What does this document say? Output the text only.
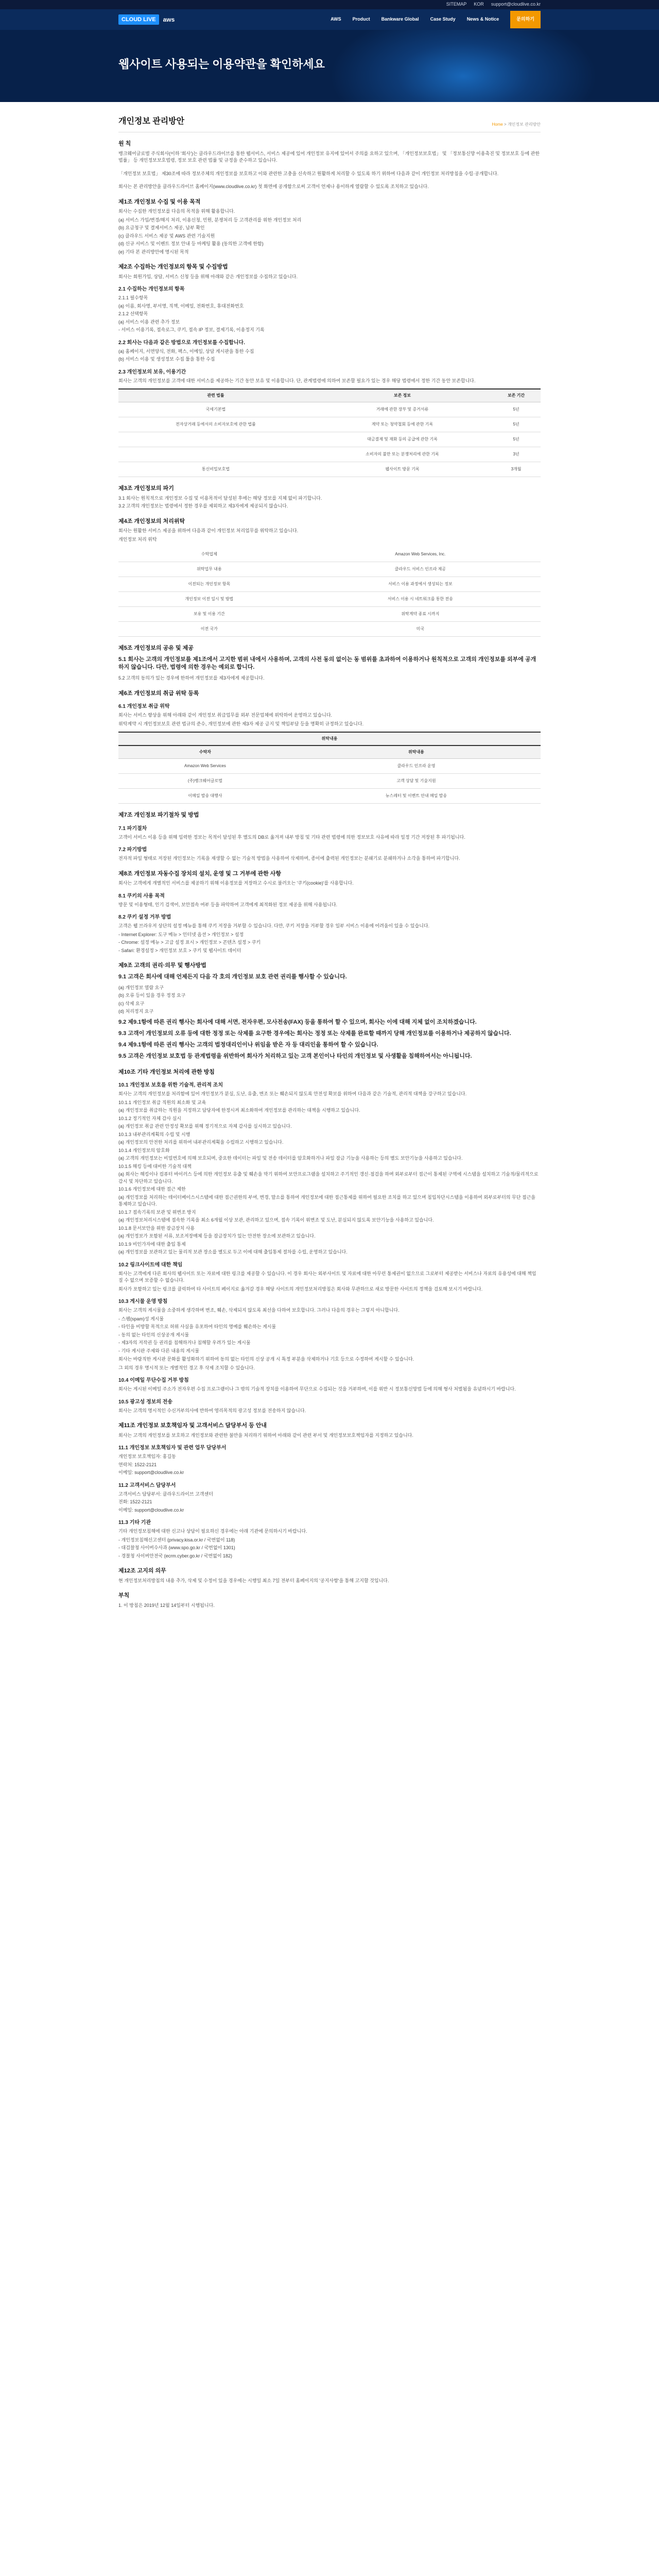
SITEMAP KOR support@cloudlive.co.kr
CLOUD LIVE	aws	AWS Product Bankware Global Case Study News & Notice	문의하기
웹사이트 사용되는 이용약관을 확인하세요
개인정보 관리방안	Home > 개인정보 관리방안
원 칙

뱅크웨어글로벌 주식회사(이하 '회사')는 클라우드라이브를 통한 웹서비스, 서비스 제공에 있어 개인정보 유지에 있어서 주의를 요하고 있으며, 「개인정보보호법」 및 「정보통신망 이용촉진 및 정보보호 등에 관한 법률」 등 개인정보보호법령, 정보 보호 관련 법률 및 규정을 준수하고 있습니다.

「개인정보 보호법」 제30조에 따라 정보주체의 개인정보를 보호하고 이와 관련한 고충을 신속하고 원활하게 처리할 수 있도록 하기 위하여 다음과 같이 개인정보 처리방침을 수립·공개합니다.

회사는 본 관리방안을 클라우드라이브 홈페이지(www.cloudlive.co.kr) 첫 화면에 공개함으로써 고객이 언제나 용이하게 열람할 수 있도록 조치하고 있습니다.

제1조 개인정보 수집 및 이용 목적

회사는 수집한 개인정보를 다음의 목적을 위해 활용합니다.

(a) 서비스 가입/변경/해지 처리, 이용신청, 민원, 분쟁처리 등 고객관리를 위한 개인정보 처리
(b) 요금청구 및 결제서비스 제공, 납부 확인
(c) 클라우드 서비스 제공 및 AWS 관련 기술지원
(d) 신규 서비스 및 이벤트 정보 안내 등 마케팅 활용 (동의한 고객에 한함)
(e) 기타 본 관리방안에 명시된 목적
제2조 수집하는 개인정보의 항목 및 수집방법

회사는 회원가입, 상담, 서비스 신청 등을 위해 아래와 같은 개인정보를 수집하고 있습니다.

2.1 수집하는 개인정보의 항목
2.1.1 필수항목
(a) 이름, 회사명, 부서명, 직책, 이메일, 전화번호, 휴대전화번호
2.1.2 선택항목
(a) 서비스 이용 관련 추가 정보
- 서비스 이용기록, 접속로그, 쿠키, 접속 IP 정보, 결제기록, 이용정지 기록
2.2 회사는 다음과 같은 방법으로 개인정보를 수집합니다.
(a) 홈페이지, 서면양식, 전화, 팩스, 이메일, 상담 게시판을 통한 수집
(b) 서비스 이용 및 생성정보 수집 툴을 통한 수집
2.3 개인정보의 보유, 이용기간

회사는 고객의 개인정보를 고객에 대한 서비스를 제공하는 기간 동안 보유 및 이용합니다. 단, 관계법령에 의하여 보존할 필요가 있는 경우 해당 법령에서 정한 기간 동안 보존합니다.

관련 법률	보존 정보	보존 기간
국세기본법	거래에 관한 장부 및 증거서류	5년
전자상거래 등에서의 소비자보호에 관한 법률	계약 또는 청약철회 등에 관한 기록	5년
	대금결제 및 재화 등의 공급에 관한 기록	5년
	소비자의 불만 또는 분쟁처리에 관한 기록	3년
통신비밀보호법	웹사이트 방문 기록	3개월
제3조 개인정보의 파기
3.1 회사는 원칙적으로 개인정보 수집 및 이용목적이 달성된 후에는 해당 정보를 지체 없이 파기합니다.
3.2 고객의 개인정보는 법령에서 정한 경우를 제외하고 제3자에게 제공되지 않습니다.
제4조 개인정보의 처리위탁

회사는 원활한 서비스 제공을 위하여 다음과 같이 개인정보 처리업무를 위탁하고 있습니다.

개인정보 처리 위탁

수탁업체	Amazon Web Services, Inc.
위탁업무 내용	클라우드 서비스 인프라 제공
이전되는 개인정보 항목	서비스 이용 과정에서 생성되는 정보
개인정보 이전 일시 및 방법	서비스 이용 시 네트워크를 통한 전송
보유 및 이용 기간	위탁계약 종료 시까지
이전 국가	미국
제5조 개인정보의 공유 및 제공
5.1 회사는 고객의 개인정보를 제1조에서 고지한 범위 내에서 사용하며, 고객의 사전 동의 없이는 동 범위를 초과하여 이용하거나 원칙적으로 고객의 개인정보를 외부에 공개하지 않습니다. 다만, 법령에 의한 경우는 예외로 합니다.

5.2 고객의 동의가 있는 경우에 한하여 개인정보를 제3자에게 제공합니다.

제6조 개인정보의 취급 위탁 등록
6.1 개인정보 취급 위탁

회사는 서비스 향상을 위해 아래와 같이 개인정보 취급업무를 외부 전문업체에 위탁하여 운영하고 있습니다.

위탁계약 시 개인정보보호 관련 법규의 준수, 개인정보에 관한 제3자 제공 금지 및 책임부담 등을 명확히 규정하고 있습니다.

위탁내용	
수탁자	위탁내용
Amazon Web Services	클라우드 인프라 운영
(주)뱅크웨어글로벌	고객 상담 및 기술지원
이메일 발송 대행사	뉴스레터 및 이벤트 안내 메일 발송
제7조 개인정보 파기절차 및 방법
7.1 파기절차

고객이 서비스 이용 등을 위해 입력한 정보는 목적이 달성된 후 별도의 DB로 옮겨져 내부 방침 및 기타 관련 법령에 의한 정보보호 사유에 따라 일정 기간 저장된 후 파기됩니다.

7.2 파기방법

전자적 파일 형태로 저장된 개인정보는 기록을 재생할 수 없는 기술적 방법을 사용하여 삭제하며, 종이에 출력된 개인정보는 분쇄기로 분쇄하거나 소각을 통하여 파기합니다.

제8조 개인정보 자동수집 장치의 설치, 운영 및 그 거부에 관한 사항

회사는 고객에게 개별적인 서비스를 제공하기 위해 이용정보를 저장하고 수시로 불러오는 '쿠키(cookie)'를 사용합니다.

8.1 쿠키의 사용 목적

방문 및 이용형태, 인기 검색어, 보안접속 여부 등을 파악하여 고객에게 최적화된 정보 제공을 위해 사용됩니다.

8.2 쿠키 설정 거부 방법

고객은 웹 브라우저 상단의 설정 메뉴를 통해 쿠키 저장을 거부할 수 있습니다. 다만, 쿠키 저장을 거부할 경우 일부 서비스 이용에 어려움이 있을 수 있습니다.

- Internet Explorer: 도구 메뉴 > 인터넷 옵션 > 개인정보 > 설정
- Chrome: 설정 메뉴 > 고급 설정 표시 > 개인정보 > 콘텐츠 설정 > 쿠키
- Safari: 환경설정 > 개인정보 보호 > 쿠키 및 웹사이트 데이터
제9조 고객의 권리·의무 및 행사방법
9.1 고객은 회사에 대해 언제든지 다음 각 호의 개인정보 보호 관련 권리를 행사할 수 있습니다.
(a) 개인정보 열람 요구
(b) 오류 등이 있을 경우 정정 요구
(c) 삭제 요구
(d) 처리정지 요구
9.2 제9.1항에 따른 권리 행사는 회사에 대해 서면, 전자우편, 모사전송(FAX) 등을 통하여 할 수 있으며, 회사는 이에 대해 지체 없이 조치하겠습니다.
9.3 고객이 개인정보의 오류 등에 대한 정정 또는 삭제를 요구한 경우에는 회사는 정정 또는 삭제를 완료할 때까지 당해 개인정보를 이용하거나 제공하지 않습니다.
9.4 제9.1항에 따른 권리 행사는 고객의 법정대리인이나 위임을 받은 자 등 대리인을 통하여 할 수 있습니다.
9.5 고객은 개인정보 보호법 등 관계법령을 위반하여 회사가 처리하고 있는 고객 본인이나 타인의 개인정보 및 사생활을 침해하여서는 아니됩니다.
제10조 기타 개인정보 처리에 관한 방침
10.1 개인정보 보호를 위한 기술적, 관리적 조치

회사는 고객의 개인정보를 처리함에 있어 개인정보가 분실, 도난, 유출, 변조 또는 훼손되지 않도록 안전성 확보를 위하여 다음과 같은 기술적, 관리적 대책을 강구하고 있습니다.

10.1.1 개인정보 취급 직원의 최소화 및 교육
(a) 개인정보를 취급하는 직원을 지정하고 담당자에 한정시켜 최소화하여 개인정보를 관리하는 대책을 시행하고 있습니다.
10.1.2 정기적인 자체 감사 실시
(a) 개인정보 취급 관련 안정성 확보를 위해 정기적으로 자체 감사를 실시하고 있습니다.
10.1.3 내부관리계획의 수립 및 시행
(a) 개인정보의 안전한 처리를 위하여 내부관리계획을 수립하고 시행하고 있습니다.
10.1.4 개인정보의 암호화
(a) 고객의 개인정보는 비밀번호에 의해 보호되며, 중요한 데이터는 파일 및 전송 데이터를 암호화하거나 파일 잠금 기능을 사용하는 등의 별도 보안기능을 사용하고 있습니다.
10.1.5 해킹 등에 대비한 기술적 대책
(a) 회사는 해킹이나 컴퓨터 바이러스 등에 의한 개인정보 유출 및 훼손을 막기 위하여 보안프로그램을 설치하고 주기적인 갱신·점검을 하며 외부로부터 접근이 통제된 구역에 시스템을 설치하고 기술적/물리적으로 감시 및 차단하고 있습니다.
10.1.6 개인정보에 대한 접근 제한
(a) 개인정보를 처리하는 데이터베이스시스템에 대한 접근권한의 부여, 변경, 말소를 통하여 개인정보에 대한 접근통제를 위하여 필요한 조치를 하고 있으며 침입차단시스템을 이용하여 외부로부터의 무단 접근을 통제하고 있습니다.
10.1.7 접속기록의 보관 및 위변조 방지
(a) 개인정보처리시스템에 접속한 기록을 최소 6개월 이상 보관, 관리하고 있으며, 접속 기록이 위변조 및 도난, 분실되지 않도록 보안기능을 사용하고 있습니다.
10.1.8 문서보안을 위한 잠금장치 사용
(a) 개인정보가 포함된 서류, 보조저장매체 등을 잠금장치가 있는 안전한 장소에 보관하고 있습니다.
10.1.9 비인가자에 대한 출입 통제
(a) 개인정보를 보관하고 있는 물리적 보관 장소를 별도로 두고 이에 대해 출입통제 절차를 수립, 운영하고 있습니다.
10.2 링크사이트에 대한 책임

회사는 고객에게 다른 회사의 웹사이트 또는 자료에 대한 링크를 제공할 수 있습니다. 이 경우 회사는 외부사이트 및 자료에 대한 아무런 통제권이 없으므로 그로부터 제공받는 서비스나 자료의 유용성에 대해 책임질 수 없으며 보증할 수 없습니다.

회사가 포함하고 있는 링크를 클릭하여 타 사이트의 페이지로 옮겨갈 경우 해당 사이트의 개인정보처리방침은 회사와 무관하므로 새로 방문한 사이트의 정책을 검토해 보시기 바랍니다.

10.3 게시물 운영 방침

회사는 고객의 게시물을 소중하게 생각하며 변조, 훼손, 삭제되지 않도록 최선을 다하여 보호합니다. 그러나 다음의 경우는 그렇지 아니합니다.

- 스팸(spam)성 게시물
- 타인을 비방할 목적으로 허위 사실을 유포하여 타인의 명예를 훼손하는 게시물
- 동의 없는 타인의 신상공개 게시물
- 제3자의 저작권 등 권리를 침해하거나 침해할 우려가 있는 게시물
- 기타 게시판 주제와 다른 내용의 게시물

회사는 바람직한 게시판 문화를 활성화하기 위하여 동의 없는 타인의 신상 공개 시 특정 부분을 삭제하거나 기호 등으로 수정하여 게시할 수 있습니다.

그 외의 경우 명시적 또는 개별적인 경고 후 삭제 조치할 수 있습니다.

10.4 이메일 무단수집 거부 방침

회사는 게시된 이메일 주소가 전자우편 수집 프로그램이나 그 밖의 기술적 장치를 이용하여 무단으로 수집되는 것을 거부하며, 이를 위반 시 정보통신망법 등에 의해 형사 처벌됨을 유념하시기 바랍니다.

10.5 광고성 정보의 전송

회사는 고객의 명시적인 수신거부의사에 반하여 영리목적의 광고성 정보를 전송하지 않습니다.

제11조 개인정보 보호책임자 및 고객서비스 담당부서 등 안내

회사는 고객의 개인정보를 보호하고 개인정보와 관련한 불만을 처리하기 위하여 아래와 같이 관련 부서 및 개인정보보호책임자를 지정하고 있습니다.

11.1 개인정보 보호책임자 및 관련 업무 담당부서
개인정보 보호책임자: 홍길동
연락처: 1522-2121
이메일: support@cloudlive.co.kr
11.2 고객서비스 담당부서
고객서비스 담당부서: 클라우드라이브 고객센터
전화: 1522-2121
이메일: support@cloudlive.co.kr
11.3 기타 기관

기타 개인정보침해에 대한 신고나 상담이 필요하신 경우에는 아래 기관에 문의하시기 바랍니다.

- 개인정보침해신고센터 (privacy.kisa.or.kr / 국번없이 118)
- 대검찰청 사이버수사과 (www.spo.go.kr / 국번없이 1301)
- 경찰청 사이버안전국 (ecrm.cyber.go.kr / 국번없이 182)
제12조 고지의 의무

현 개인정보처리방침의 내용 추가, 삭제 및 수정이 있을 경우에는 시행일 최소 7일 전부터 홈페이지의 '공지사항'을 통해 고지할 것입니다.

부칙

1. 이 방침은 2019년 12월 14일부터 시행됩니다.
